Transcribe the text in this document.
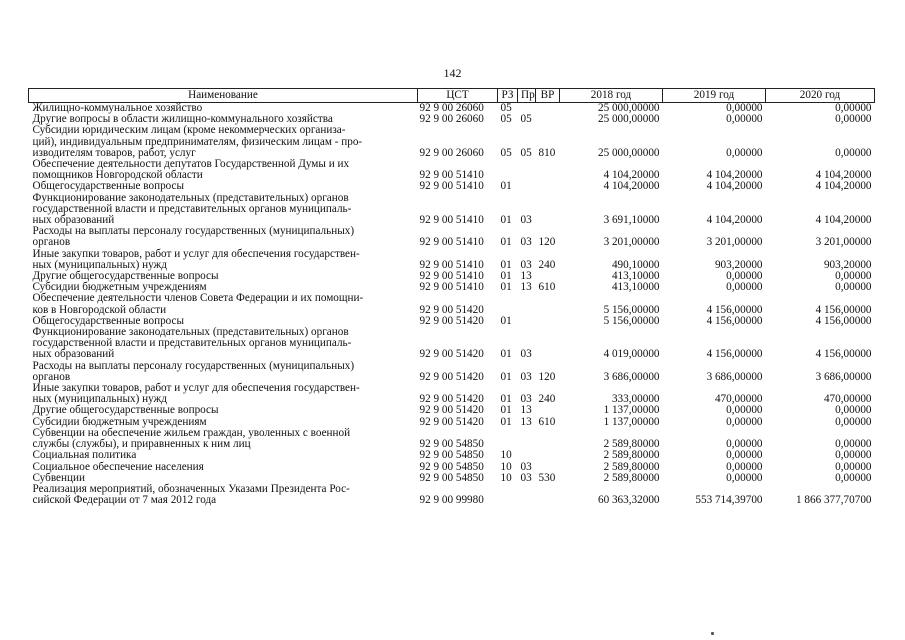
142
Наименование	ЦСТ	РЗ	Пр	ВР	2018 год	2019 год	2020 год

Жилищно-коммунальное хозяйство	92 9 00 26060	05			25 000,00000	0,00000	0,00000

Другие вопросы в области жилищно-коммунального хозяйства	92 9 00 26060	05	05		25 000,00000	0,00000	0,00000

Субсидии юридическим лицам (кроме некоммерческих организа-
ций), индивидуальным предпринимателям, физическим лицам - про-
изводителям товаров, работ, услуг	92 9 00 26060	05	05	810	25 000,00000	0,00000	0,00000

Обеспечение деятельности депутатов Государственной Думы и их
помощников Новгородской области	92 9 00 51410				4 104,20000	4 104,20000	4 104,20000

Общегосударственные вопросы	92 9 00 51410	01			4 104,20000	4 104,20000	4 104,20000

Функционирование законодательных (представительных) органов
государственной власти и представительных органов муниципаль-
ных образований	92 9 00 51410	01	03		3 691,10000	4 104,20000	4 104,20000

Расходы на выплаты персоналу государственных (муниципальных)
органов	92 9 00 51410	01	03	120	3 201,00000	3 201,00000	3 201,00000

Иные закупки товаров, работ и услуг для обеспечения государствен-
ных (муниципальных) нужд	92 9 00 51410	01	03	240	490,10000	903,20000	903,20000

Другие общегосударственные вопросы	92 9 00 51410	01	13		413,10000	0,00000	0,00000

Субсидии бюджетным учреждениям	92 9 00 51410	01	13	610	413,10000	0,00000	0,00000

Обеспечение деятельности членов Совета Федерации и их помощни-
ков в Новгородской области	92 9 00 51420				5 156,00000	4 156,00000	4 156,00000

Общегосударственные вопросы	92 9 00 51420	01			5 156,00000	4 156,00000	4 156,00000

Функционирование законодательных (представительных) органов
государственной власти и представительных органов муниципаль-
ных образований	92 9 00 51420	01	03		4 019,00000	4 156,00000	4 156,00000

Расходы на выплаты персоналу государственных (муниципальных)
органов	92 9 00 51420	01	03	120	3 686,00000	3 686,00000	3 686,00000

Иные закупки товаров, работ и услуг для обеспечения государствен-
ных (муниципальных) нужд	92 9 00 51420	01	03	240	333,00000	470,00000	470,00000

Другие общегосударственные вопросы	92 9 00 51420	01	13		1 137,00000	0,00000	0,00000

Субсидии бюджетным учреждениям	92 9 00 51420	01	13	610	1 137,00000	0,00000	0,00000

Субвенции на обеспечение жильем граждан, уволенных с военной
службы (службы), и приравненных к ним лиц	92 9 00 54850				2 589,80000	0,00000	0,00000

Социальная политика	92 9 00 54850	10			2 589,80000	0,00000	0,00000

Социальное обеспечение населения	92 9 00 54850	10	03		2 589,80000	0,00000	0,00000

Субвенции	92 9 00 54850	10	03	530	2 589,80000	0,00000	0,00000

Реализация мероприятий, обозначенных Указами Президента Рос-
сийской Федерации от 7 мая 2012 года	92 9 00 99980				60 363,32000	553 714,39700	1 866 377,70700
